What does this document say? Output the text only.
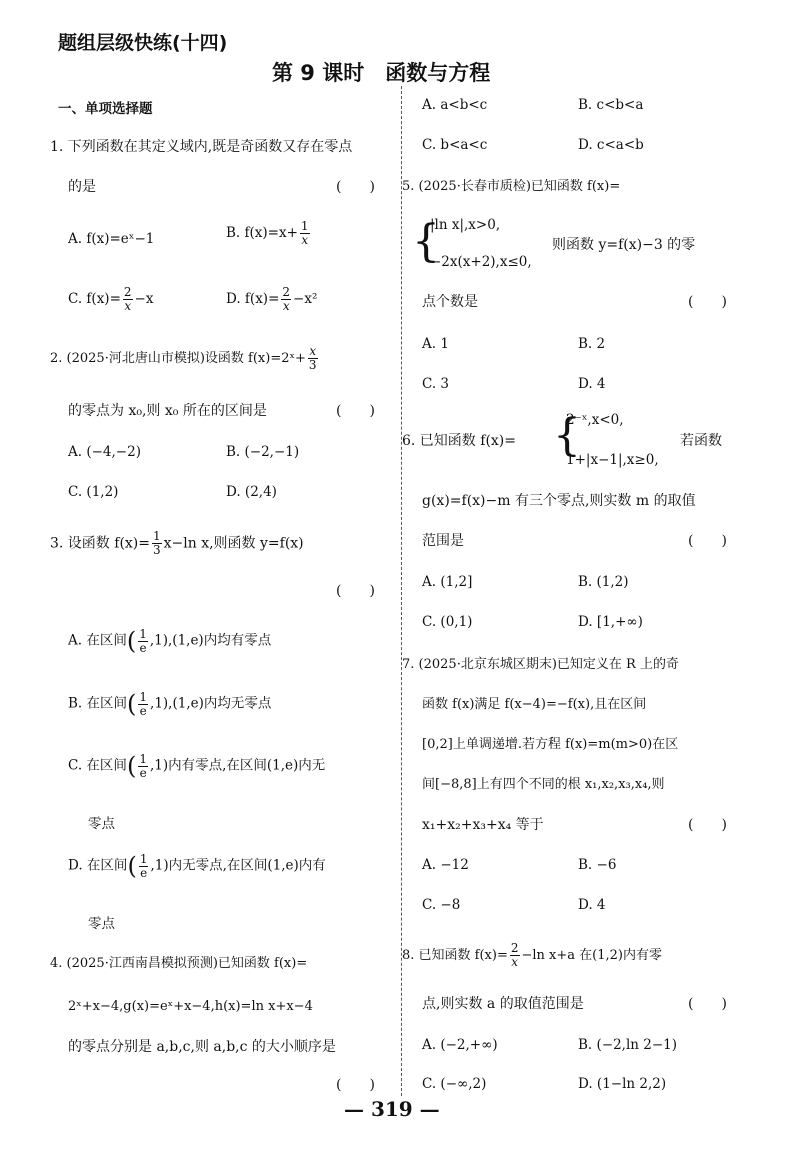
题组层级快练(十四)
第 9 课时　函数与方程
一、单项选择题
1. 下列函数在其定义域内,既是奇函数又存在零点
的是	(　　)
A. f(x)=eˣ−1	B. $f(x)=x+ \frac{1}{x}$
C. $f(x)= \frac{2}{x} -x$	D. $f(x)= \frac{2}{x} -x^2$
2. (2025·河北唐山市模拟)设函数 f(x)=2ˣ+ $\frac{x}{3}$
的零点为 x₀,则 x₀ 所在的区间是	(　　)
A. (−4,−2)	B. (−2,−1)
C. (1,2)	D. (2,4)
3. 设函数 $f(x)= \frac{1}{3} x-\ln$ x,则函数 y=f(x)
(　　)
A. 在区间( $\frac{1}{e} ,1),(1,e)$内均有零点
B. 在区间( $\frac{1}{e} ,1),(1,e)$内均无零点
C. 在区间( $\frac{1}{e} ,1$)内有零点,在区间(1,e)内无
零点
D. 在区间( $\frac{1}{e} ,1$)内无零点,在区间(1,e)内有
零点
4. (2025·江西南昌模拟预测)已知函数 f(x)=
2ˣ+x−4,g(x)=eˣ+x−4,h(x)=ln x+x−4
的零点分别是 a,b,c,则 a,b,c 的大小顺序是
(　　)
A. a<b<c	B. c<b<a
C. b<a<c	D. c<a<b
5. (2025·长春市质检)已知函数 f(x)=
{
|ln x|,x>0,
−2x(x+2),x≤0,
则函数 y=f(x)−3 的零
点个数是	(　　)
A. 1	B. 2
C. 3	D. 4
6. 已知函数 f(x)= {
2⁻ˣ,x<0,
1+|x−1|,x≥0,
若函数
g(x)=f(x)−m 有三个零点,则实数 m 的取值
范围是	(　　)
A. (1,2]	B. (1,2)
C. (0,1)	D. [1,+∞)
7. (2025·北京东城区期末)已知定义在 R 上的奇
函数 f(x)满足 f(x−4)=−f(x),且在区间
[0,2]上单调递增.若方程 f(x)=m(m>0)在区
间[−8,8]上有四个不同的根 x₁,x₂,x₃,x₄,则
x₁+x₂+x₃+x₄ 等于	(　　)
A. −12	B. −6
C. −8	D. 4
8. 已知函数 $f(x)= \frac{2}{x} -\ln$ x+a 在(1,2)内有零
点,则实数 a 的取值范围是	(　　)
A. (−2,+∞)	B. (−2,ln 2−1)
C. (−∞,2)	D. (1−ln 2,2)
— 319 —
